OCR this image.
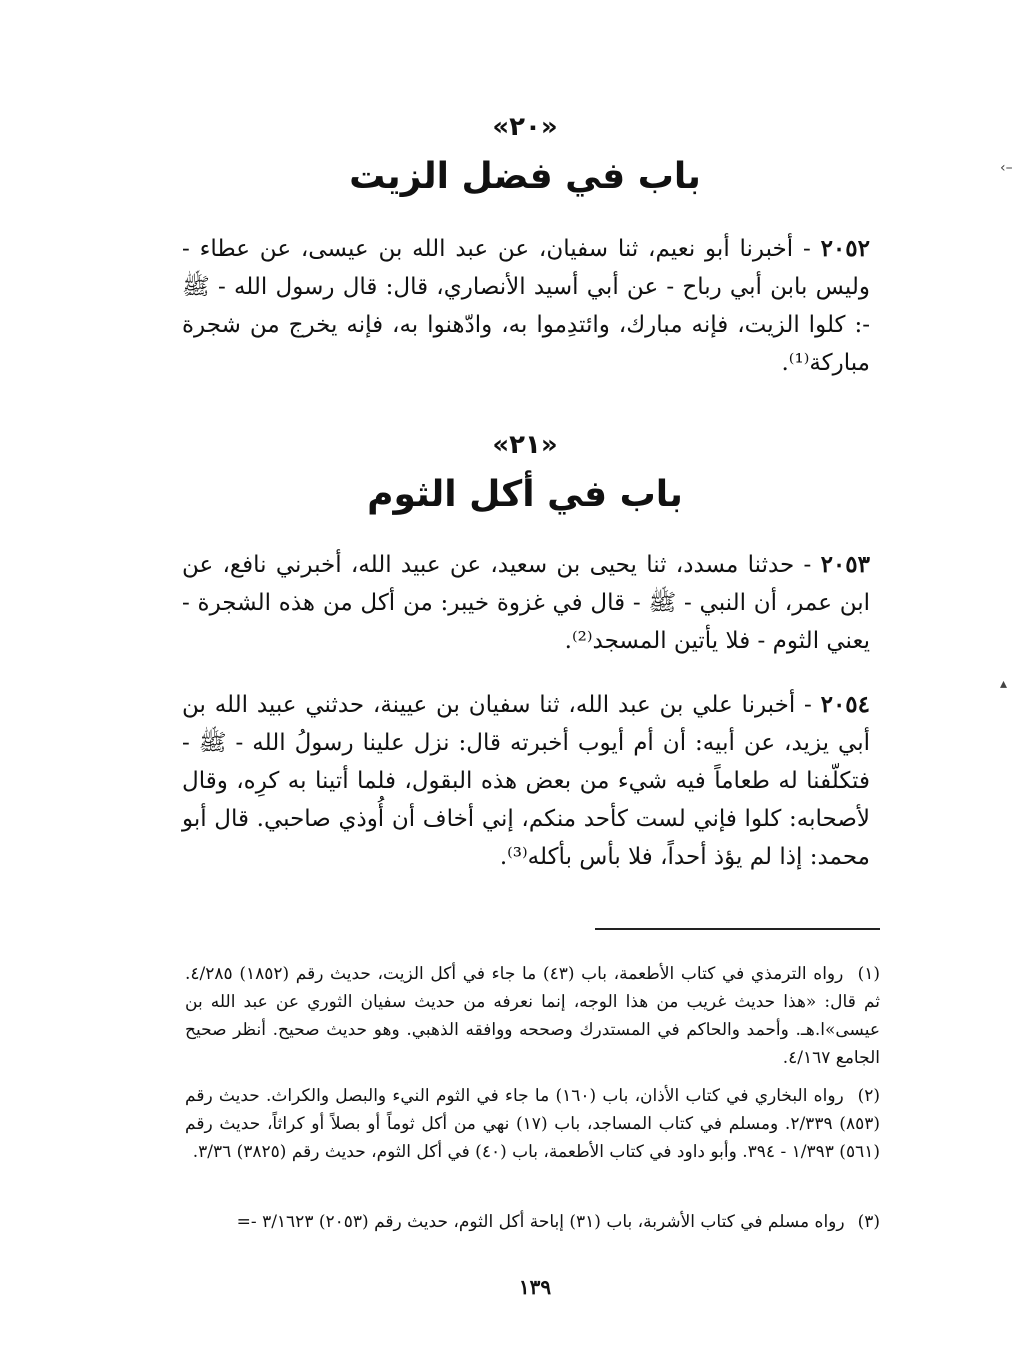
«٢٠»
باب في فضل الزيت
٢٠٥٢ - أخبرنا أبو نعيم، ثنا سفيان، عن عبد الله بن عيسى، عن عطاء - وليس بابن أبي رباح - عن أبي أسيد الأنصاري، قال: قال رسول الله - ﷺ -: كلوا الزيت، فإنه مبارك، وائتدِموا به، وادّهنوا به، فإنه يخرج من شجرة مباركة⁽¹⁾.
«٢١»
باب في أكل الثوم
٢٠٥٣ - حدثنا مسدد، ثنا يحيى بن سعيد، عن عبيد الله، أخبرني نافع، عن ابن عمر، أن النبي - ﷺ - قال في غزوة خيبر: من أكل من هذه الشجرة - يعني الثوم - فلا يأتين المسجد⁽²⁾.
٢٠٥٤ - أخبرنا علي بن عبد الله، ثنا سفيان بن عيينة، حدثني عبيد الله بن أبي يزيد، عن أبيه: أن أم أيوب أخبرته قال: نزل علينا رسولُ الله - ﷺ - فتكلّفنا له طعاماً فيه شيء من بعض هذه البقول، فلما أتينا به كرِه، وقال لأصحابه: كلوا فإني لست كأحد منكم، إني أخاف أن أُوذي صاحبي. قال أبو محمد: إذا لم يؤذ أحداً، فلا بأس بأكله⁽³⁾.
(١) رواه الترمذي في كتاب الأطعمة، باب (٤٣) ما جاء في أكل الزيت، حديث رقم (١٨٥٢) ٤/٢٨٥. ثم قال: «هذا حديث غريب من هذا الوجه، إنما نعرفه من حديث سفيان الثوري عن عبد الله بن عيسى»ا.هـ. وأحمد والحاكم في المستدرك وصححه ووافقه الذهبي. وهو حديث صحيح. أنظر صحيح الجامع ٤/١٦٧.
(٢) رواه البخاري في كتاب الأذان، باب (١٦٠) ما جاء في الثوم النيء والبصل والكراث. حديث رقم (٨٥٣) ٢/٣٣٩. ومسلم في كتاب المساجد، باب (١٧) نهي من أكل ثوماً أو بصلاً أو كراثاً، حديث رقم (٥٦١) ١/٣٩٣ - ٣٩٤. وأبو داود في كتاب الأطعمة، باب (٤٠) في أكل الثوم، حديث رقم (٣٨٢٥) ٣/٣٦.
(٣) رواه مسلم في كتاب الأشربة، باب (٣١) إباحة أكل الثوم، حديث رقم (٢٠٥٣) ٣/١٦٢٣ -=
١٣٩
‹–
▴
